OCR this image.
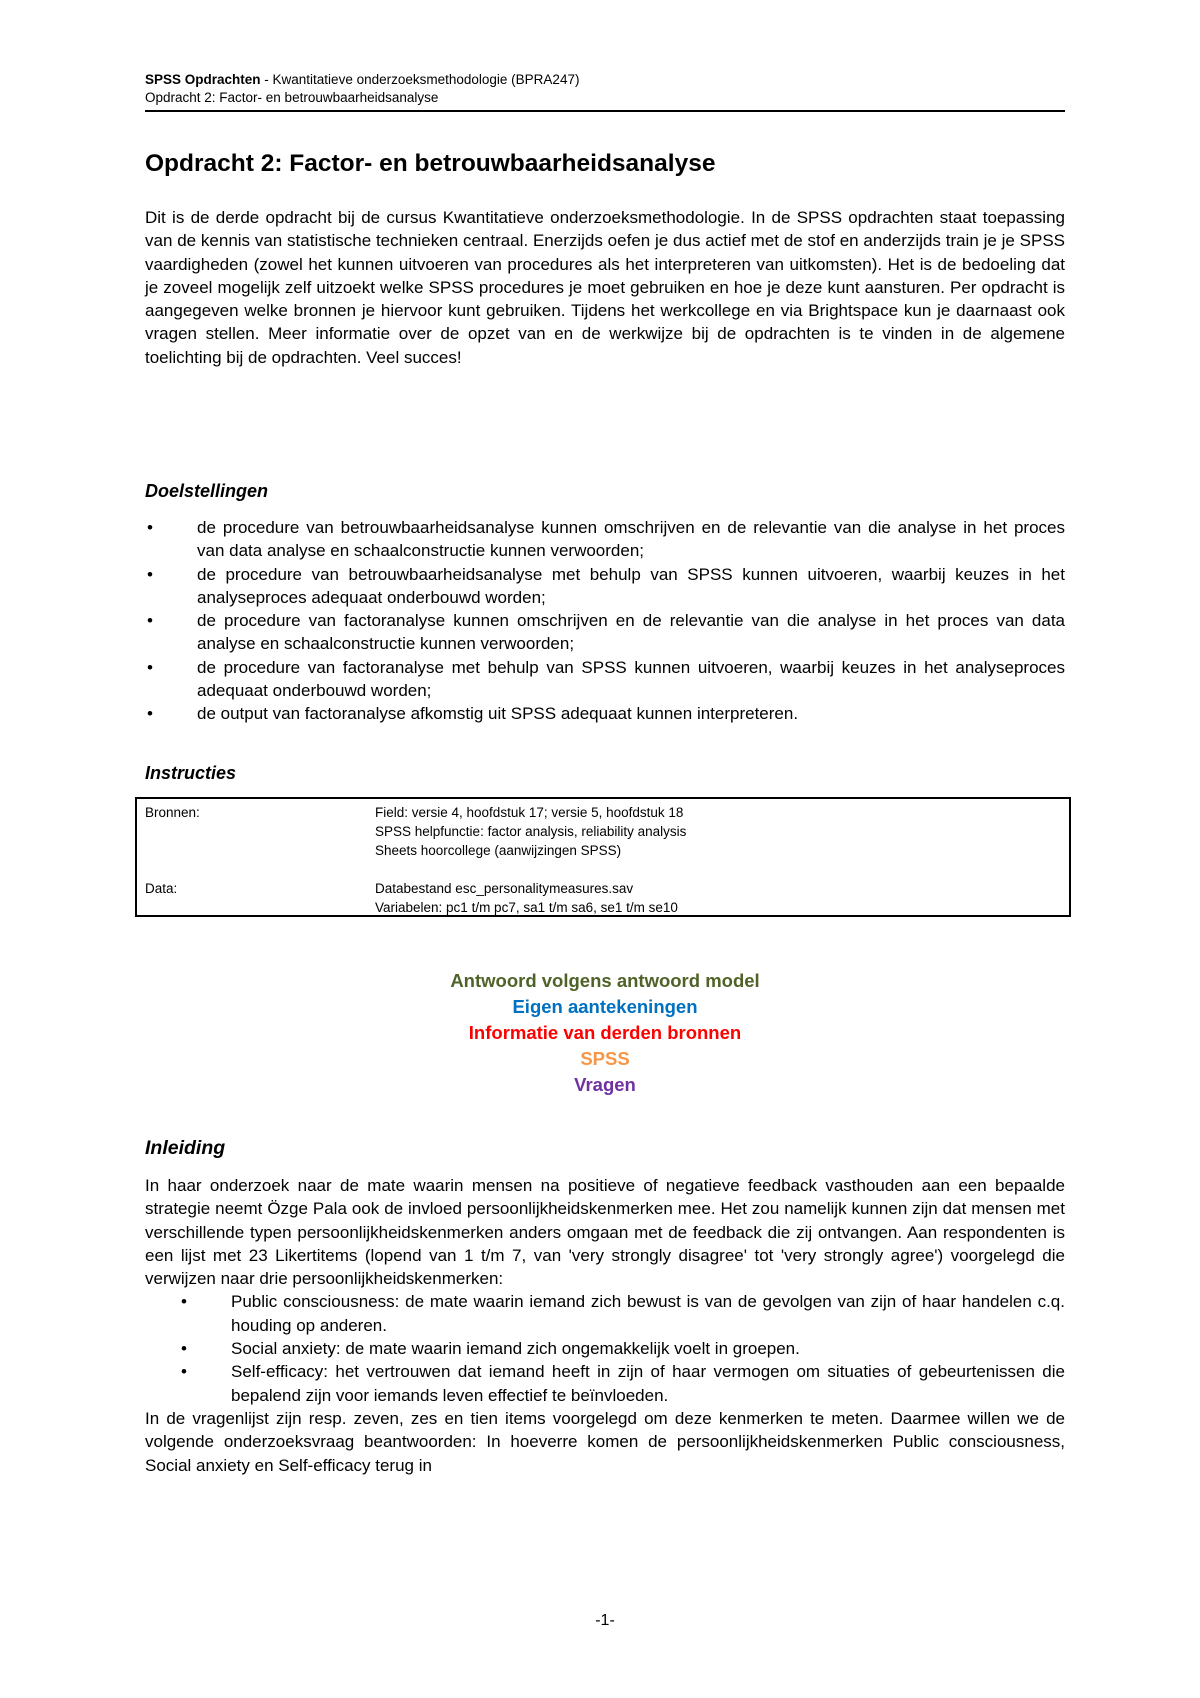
SPSS Opdrachten - Kwantitatieve onderzoeksmethodologie (BPRA247)
Opdracht 2: Factor- en betrouwbaarheidsanalyse
Opdracht 2: Factor- en betrouwbaarheidsanalyse

Dit is de derde opdracht bij de cursus Kwantitatieve onderzoeksmethodologie. In de SPSS opdrachten staat toepassing van de kennis van statistische technieken centraal. Enerzijds oefen je dus actief met de stof en anderzijds train je je SPSS vaardigheden (zowel het kunnen uitvoeren van procedures als het interpreteren van uitkomsten). Het is de bedoeling dat je zoveel mogelijk zelf uitzoekt welke SPSS procedures je moet gebruiken en hoe je deze kunt aansturen. Per opdracht is aangegeven welke bronnen je hiervoor kunt gebruiken. Tijdens het werkcollege en via Brightspace kun je daarnaast ook vragen stellen. Meer informatie over de opzet van en de werkwijze bij de opdrachten is te vinden in de algemene toelichting bij de opdrachten. Veel succes!

Doelstellingen
•	de procedure van betrouwbaarheidsanalyse kunnen omschrijven en de relevantie van die analyse in het proces van data analyse en schaalconstructie kunnen verwoorden;
•	de procedure van betrouwbaarheidsanalyse met behulp van SPSS kunnen uitvoeren, waarbij keuzes in het analyseproces adequaat onderbouwd worden;
•	de procedure van factoranalyse kunnen omschrijven en de relevantie van die analyse in het proces van data analyse en schaalconstructie kunnen verwoorden;
•	de procedure van factoranalyse met behulp van SPSS kunnen uitvoeren, waarbij keuzes in het analyseproces adequaat onderbouwd worden;
•	de output van factoranalyse afkomstig uit SPSS adequaat kunnen interpreteren.
Instructies
Bronnen:	Field: versie 4, hoofdstuk 17; versie 5, hoofdstuk 18
SPSS helpfunctie: factor analysis, reliability analysis
Sheets hoorcollege (aanwijzingen SPSS)
Data:	Databestand esc_personalitymeasures.sav
Variabelen: pc1 t/m pc7, sa1 t/m sa6, se1 t/m se10
Antwoord volgens antwoord model
Eigen aantekeningen
Informatie van derden bronnen
SPSS
Vragen
Inleiding

In haar onderzoek naar de mate waarin mensen na positieve of negatieve feedback vasthouden aan een bepaalde strategie neemt Özge Pala ook de invloed persoonlijkheidskenmerken mee. Het zou namelijk kunnen zijn dat mensen met verschillende typen persoonlijkheidskenmerken anders omgaan met de feedback die zij ontvangen. Aan respondenten is een lijst met 23 Likertitems (lopend van 1 t/m 7, van 'very strongly disagree' tot 'very strongly agree') voorgelegd die verwijzen naar drie persoonlijkheidskenmerken:

•	Public consciousness: de mate waarin iemand zich bewust is van de gevolgen van zijn of haar handelen c.q. houding op anderen.
•	Social anxiety: de mate waarin iemand zich ongemakkelijk voelt in groepen.
•	Self-efficacy: het vertrouwen dat iemand heeft in zijn of haar vermogen om situaties of gebeurtenissen die bepalend zijn voor iemands leven effectief te beïnvloeden.

In de vragenlijst zijn resp. zeven, zes en tien items voorgelegd om deze kenmerken te meten. Daarmee willen we de volgende onderzoeksvraag beantwoorden: In hoeverre komen de persoonlijkheidskenmerken Public consciousness, Social anxiety en Self-efficacy terug in

-1-
